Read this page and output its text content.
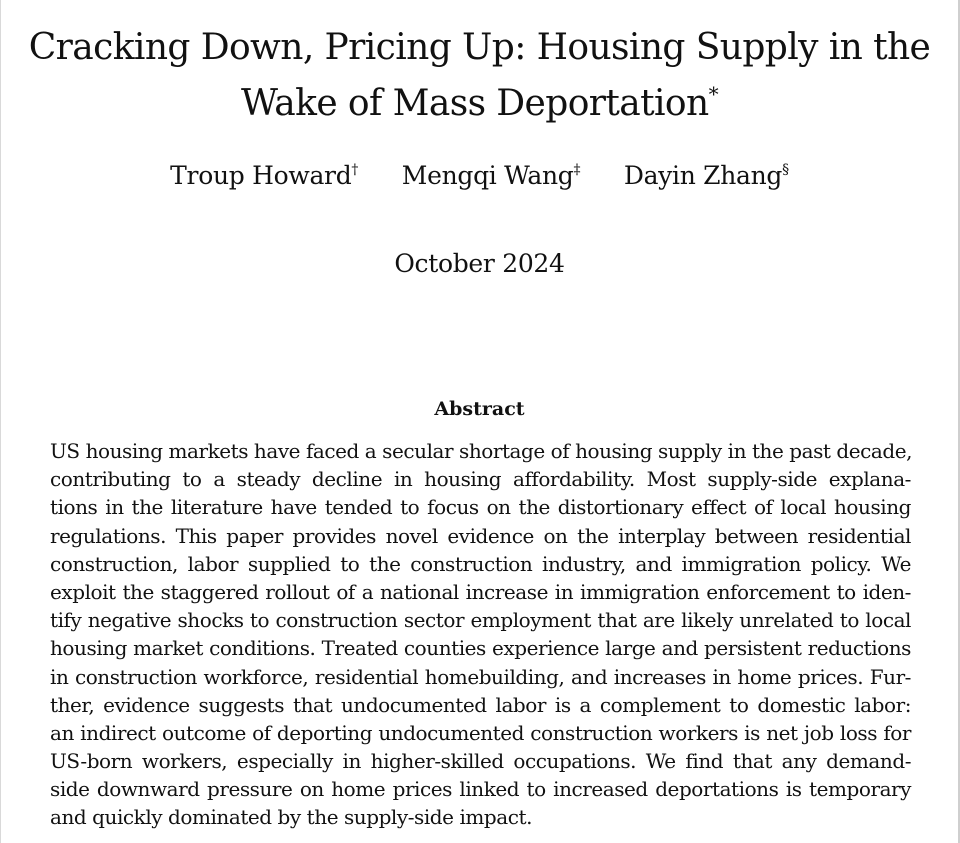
Cracking Down, Pricing Up: Housing Supply in the
Wake of Mass Deportation*
Troup Howard† Mengqi Wang‡ Dayin Zhang§
October 2024
Abstract
US housing markets have faced a secular shortage of housing supply in the past decade,
contributing to a steady decline in housing affordability. Most supply-side explana-
tions in the literature have tended to focus on the distortionary effect of local housing
regulations. This paper provides novel evidence on the interplay between residential
construction, labor supplied to the construction industry, and immigration policy. We
exploit the staggered rollout of a national increase in immigration enforcement to iden-
tify negative shocks to construction sector employment that are likely unrelated to local
housing market conditions. Treated counties experience large and persistent reductions
in construction workforce, residential homebuilding, and increases in home prices. Fur-
ther, evidence suggests that undocumented labor is a complement to domestic labor:
an indirect outcome of deporting undocumented construction workers is net job loss for
US-born workers, especially in higher-skilled occupations. We find that any demand-
side downward pressure on home prices linked to increased deportations is temporary
and quickly dominated by the supply-side impact.
